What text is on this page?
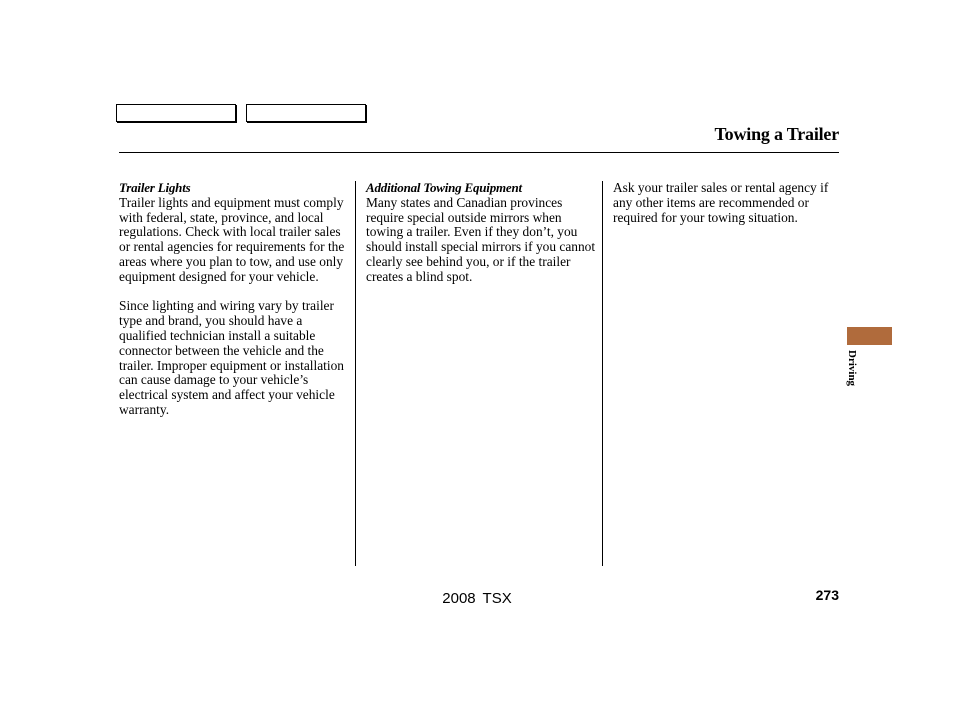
Towing a Trailer
Trailer Lights

Trailer lights and equipment must comply with federal, state, province, and local regulations. Check with local trailer sales or rental agencies for requirements for the areas where you plan to tow, and use only equipment designed for your vehicle.

Since lighting and wiring vary by trailer type and brand, you should have a qualified technician install a suitable connector between the vehicle and the trailer. Improper equipment or installation can cause damage to your vehicle’s electrical system and affect your vehicle warranty.

Additional Towing Equipment

Many states and Canadian provinces require special outside mirrors when towing a trailer. Even if they don’t, you should install special mirrors if you cannot clearly see behind you, or if the trailer creates a blind spot.

Ask your trailer sales or rental agency if any other items are recommended or required for your towing situation.

Driving
2008 TSX	273
